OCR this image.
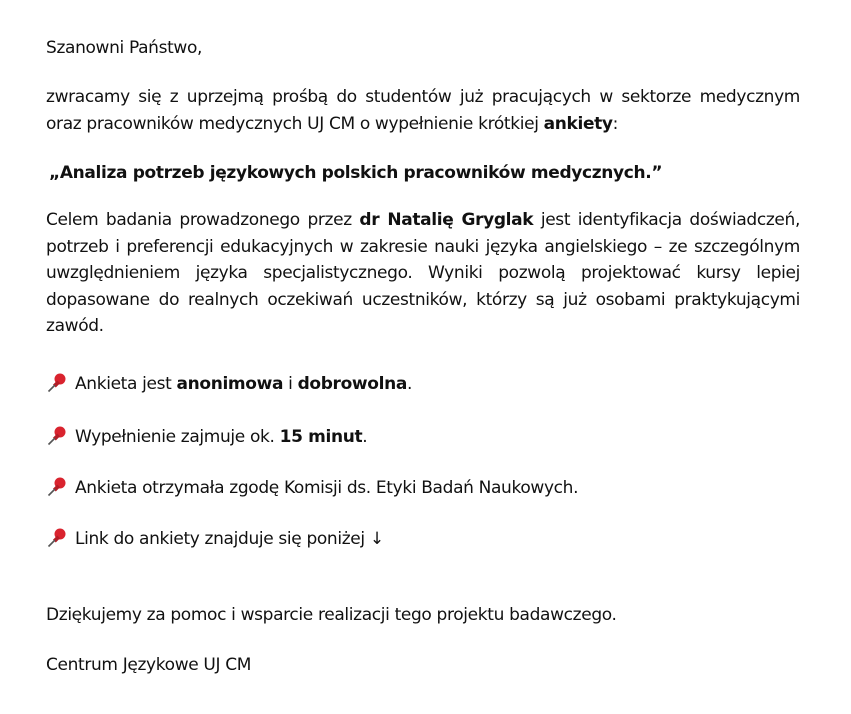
Szanowni Państwo,
zwracamy się z uprzejmą prośbą do studentów już pracujących w sektorze medycznym oraz pracowników medycznych UJ CM o wypełnienie krótkiej ankiety:
„Analiza potrzeb językowych polskich pracowników medycznych.”
Celem badania prowadzonego przez dr Natalię Gryglak jest identyfikacja doświadczeń, potrzeb i preferencji edukacyjnych w zakresie nauki języka angielskiego – ze szczególnym uwzględnieniem języka specjalistycznego. Wyniki pozwolą projektować kursy lepiej dopasowane do realnych oczekiwań uczestników, którzy są już osobami praktykującymi zawód.
Ankieta jest anonimowa i dobrowolna.
Wypełnienie zajmuje ok. 15 minut.
Ankieta otrzymała zgodę Komisji ds. Etyki Badań Naukowych.
Link do ankiety znajduje się poniżej ↓
Dziękujemy za pomoc i wsparcie realizacji tego projektu badawczego.
Centrum Językowe UJ CM
